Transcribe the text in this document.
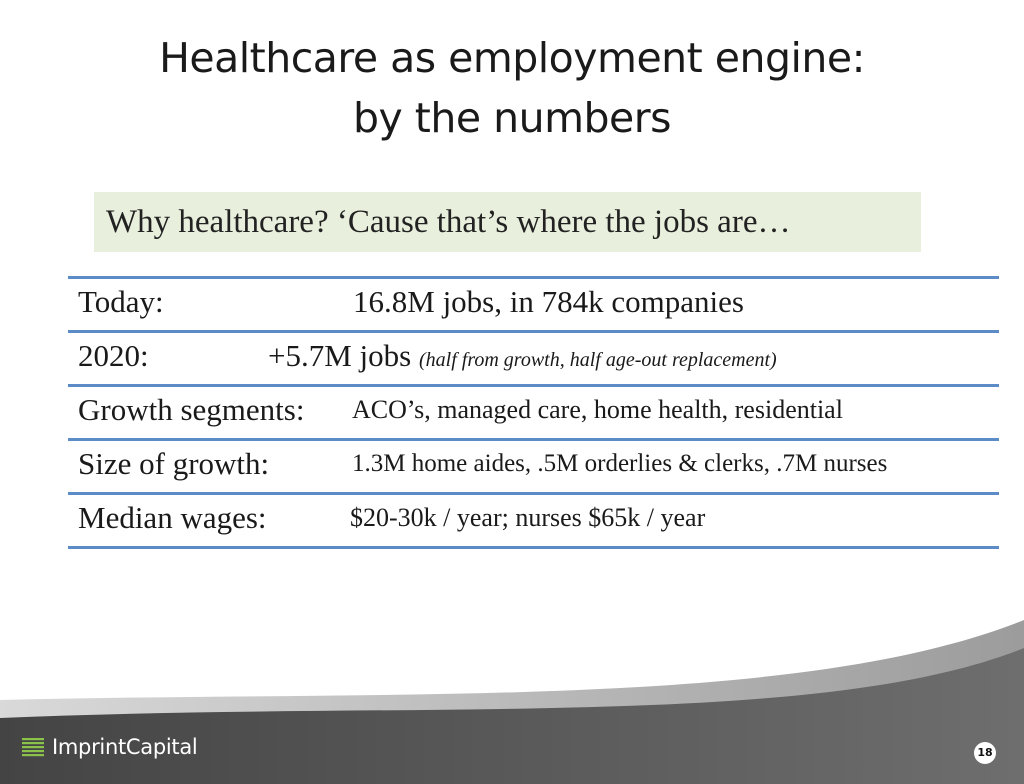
Healthcare as employment engine:
by the numbers
Why healthcare? ‘Cause that’s where the jobs are…
Today:	16.8M jobs, in 784k companies
2020:	+5.7M jobs (half from growth, half age-out replacement)
Growth segments: ACO’s, managed care, home health, residential
Size of growth:	1.3M home aides, .5M orderlies & clerks, .7M nurses
Median wages:	$20-30k / year; nurses $65k / year
ImprintCapital	18
